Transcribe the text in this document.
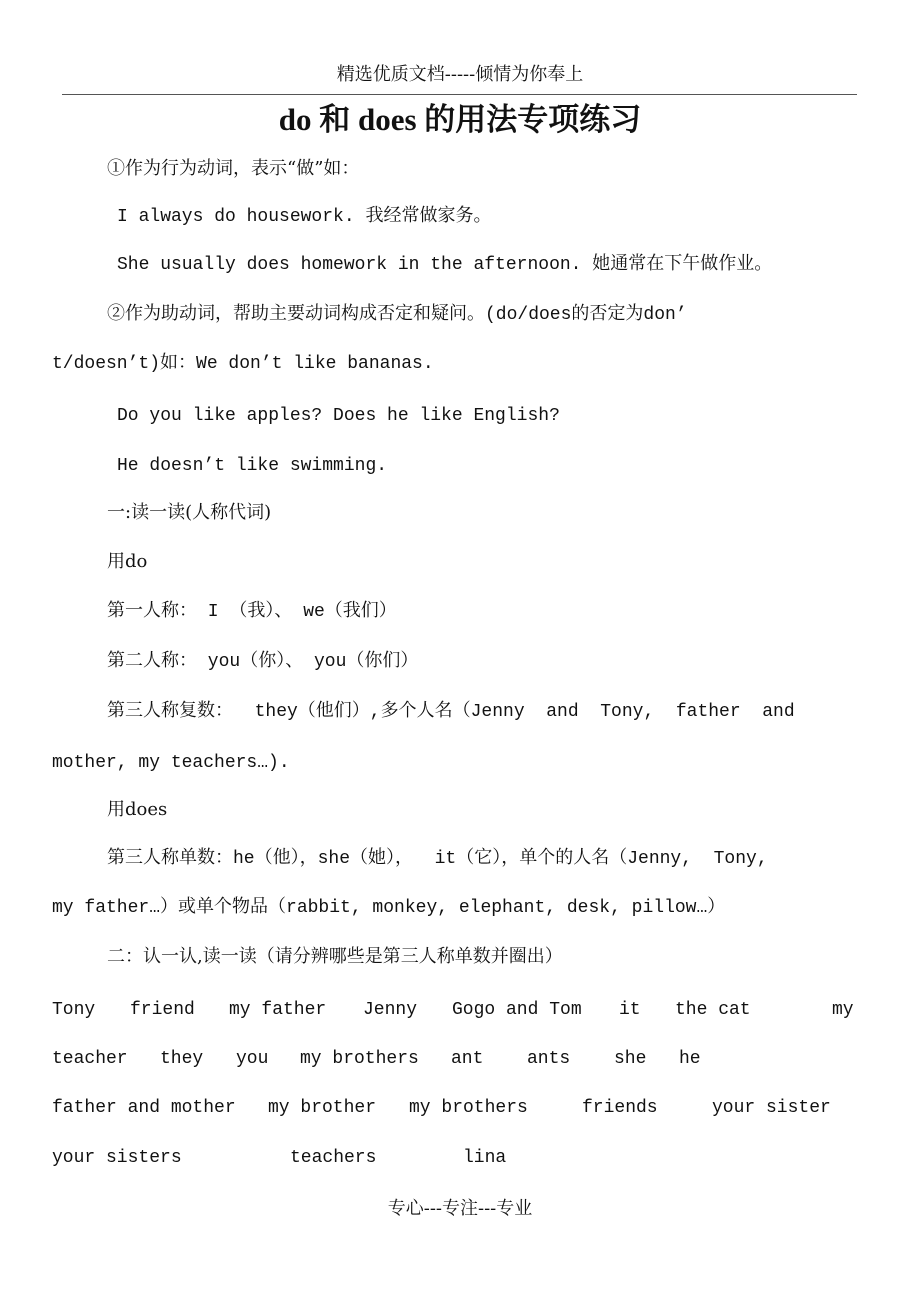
精选优质文档-----倾情为你奉上
do 和 does 的用法专项练习
①作为行为动词，表示“做”如：
I always do housework. 我经常做家务。
She usually does homework in the afternoon. 她通常在下午做作业。
②作为助动词，帮助主要动词构成否定和疑问。(do/does的否定为don’
t/doesn’t)如：We don’t like bananas.
Do you like apples? Does he like English?
He doesn’t like swimming.
一:读一读(人称代词)
用do
第一人称： I （我）、 we（我们）
第二人称： you（你）、 you（你们）
第三人称复数：  they（他们）,多个人名（Jenny  and  Tony,  father  and
mother, my teachers…).
用does
第三人称单数：he（他），she（她），  it（它），单个的人名（Jenny,  Tony,
my father…）或单个物品（rabbit, monkey, elephant, desk, pillow…）
二：认一认,读一读（请分辨哪些是第三人称单数并圈出）
Tony friend my father Jenny Gogo and Tom it the cat	my
teacher they you my brothers ant ants she he
father and mother my brother my brothers	friends	your sister
your sisters	teachers	lina
专心---专注---专业
